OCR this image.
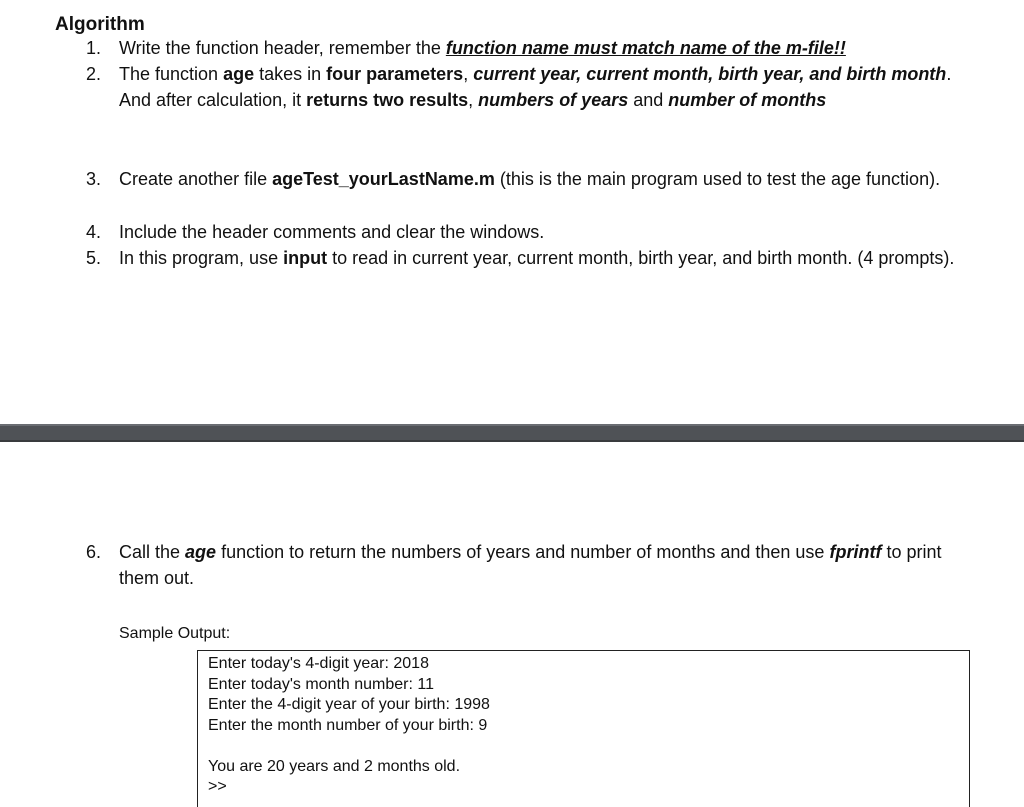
Algorithm
1. Write the function header, remember the function name must match name of the m-file!!
2. The function age takes in four parameters, current year, current month, birth year, and birth month. And after calculation, it returns two results, numbers of years and number of months
3. Create another file ageTest_yourLastName.m (this is the main program used to test the age function).
4. Include the header comments and clear the windows.
5. In this program, use input to read in current year, current month, birth year, and birth month. (4 prompts).
6. Call the age function to return the numbers of years and number of months and then use fprintf to print them out.
Sample Output:
Enter today's 4-digit year: 2018
Enter today's month number: 11
Enter the 4-digit year of your birth: 1998
Enter the month number of your birth: 9
You are 20 years and 2 months old.
>>
